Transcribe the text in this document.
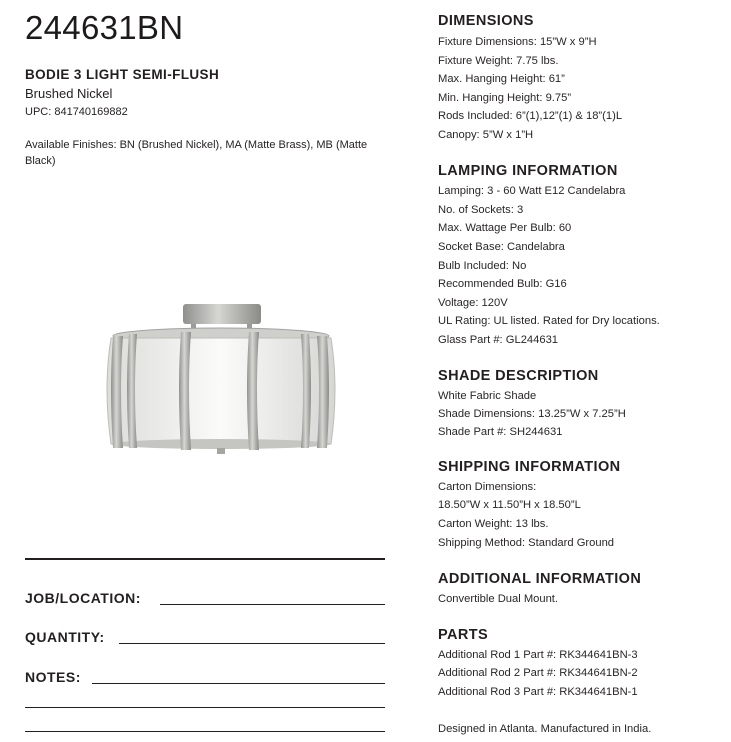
244631BN
BODIE 3 LIGHT SEMI-FLUSH
Brushed Nickel
UPC: 841740169882
Available Finishes: BN (Brushed Nickel), MA (Matte Brass), MB (Matte Black)
JOB/LOCATION:
QUANTITY:
NOTES:
DIMENSIONS
Fixture Dimensions: 15”W x 9”H
Fixture Weight: 7.75 lbs.
Max. Hanging Height: 61”
Min. Hanging Height: 9.75”
Rods Included: 6”(1),12”(1) & 18”(1)L
Canopy: 5”W x 1”H
LAMPING INFORMATION
Lamping: 3 - 60 Watt E12 Candelabra
No. of Sockets: 3
Max. Wattage Per Bulb: 60
Socket Base: Candelabra
Bulb Included: No
Recommended Bulb: G16
Voltage: 120V
UL Rating: UL listed. Rated for Dry locations.
Glass Part #: GL244631
SHADE DESCRIPTION
White Fabric Shade
Shade Dimensions: 13.25”W x 7.25”H
Shade Part #: SH244631
SHIPPING INFORMATION
Carton Dimensions:
18.50”W x 11.50”H x 18.50”L
Carton Weight: 13 lbs.
Shipping Method: Standard Ground
ADDITIONAL INFORMATION
Convertible Dual Mount.
PARTS
Additional Rod 1 Part #: RK344641BN-3
Additional Rod 2 Part #: RK344641BN-2
Additional Rod 3 Part #: RK344641BN-1
Designed in Atlanta. Manufactured in India.
